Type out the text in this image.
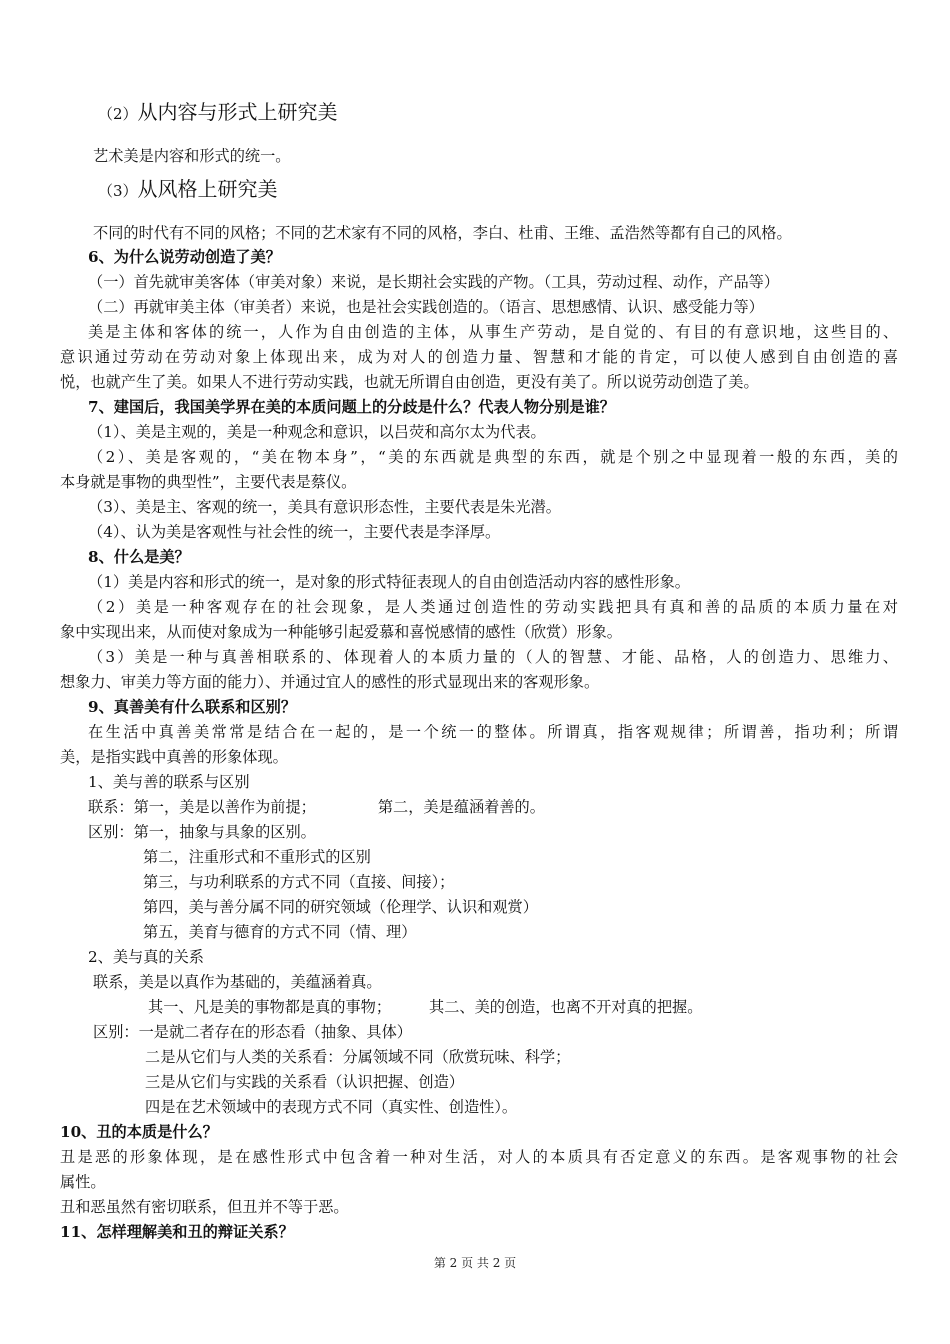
（2）从内容与形式上研究美
艺术美是内容和形式的统一。
（3）从风格上研究美
不同的时代有不同的风格；不同的艺术家有不同的风格，李白、杜甫、王维、孟浩然等都有自己的风格。
6、为什么说劳动创造了美？
（一）首先就审美客体（审美对象）来说，是长期社会实践的产物。（工具，劳动过程、动作，产品等）
（二）再就审美主体（审美者）来说，也是社会实践创造的。（语言、思想感情、认识、感受能力等）
美是主体和客体的统一，人作为自由创造的主体，从事生产劳动，是自觉的、有目的有意识地，这些目的、
意识通过劳动在劳动对象上体现出来，成为对人的创造力量、智慧和才能的肯定，可以使人感到自由创造的喜
悦，也就产生了美。如果人不进行劳动实践，也就无所谓自由创造，更没有美了。所以说劳动创造了美。
7、建国后，我国美学界在美的本质问题上的分歧是什么？代表人物分别是谁？
（1）、美是主观的，美是一种观念和意识，以吕荧和高尔太为代表。
（2）、美是客观的，“美在物本身”，“美的东西就是典型的东西，就是个别之中显现着一般的东西，美的
本身就是事物的典型性”，主要代表是蔡仪。
（3）、美是主、客观的统一，美具有意识形态性，主要代表是朱光潜。
（4）、认为美是客观性与社会性的统一，主要代表是李泽厚。
8、什么是美？
（1）美是内容和形式的统一，是对象的形式特征表现人的自由创造活动内容的感性形象。
（2）美是一种客观存在的社会现象，是人类通过创造性的劳动实践把具有真和善的品质的本质力量在对
象中实现出来，从而使对象成为一种能够引起爱慕和喜悦感情的感性（欣赏）形象。
（3）美是一种与真善相联系的、体现着人的本质力量的（人的智慧、才能、品格，人的创造力、思维力、
想象力、审美力等方面的能力）、并通过宜人的感性的形式显现出来的客观形象。
9、真善美有什么联系和区别？
在生活中真善美常常是结合在一起的，是一个统一的整体。所谓真，指客观规律；所谓善，指功利；所谓
美，是指实践中真善的形象体现。
1、美与善的联系与区别
联系：第一，美是以善作为前提；	第二，美是蕴涵着善的。
区别：第一，抽象与具象的区别。
第二，注重形式和不重形式的区别
第三，与功利联系的方式不同（直接、间接）；
第四，美与善分属不同的研究领域（伦理学、认识和观赏）
第五，美育与德育的方式不同（情、理）
2、美与真的关系
联系，美是以真作为基础的，美蕴涵着真。
其一、凡是美的事物都是真的事物；	其二、美的创造，也离不开对真的把握。
区别：一是就二者存在的形态看（抽象、具体）
二是从它们与人类的关系看：分属领域不同（欣赏玩味、科学；
三是从它们与实践的关系看（认识把握、创造）
四是在艺术领域中的表现方式不同（真实性、创造性）。
10、丑的本质是什么？
丑是恶的形象体现，是在感性形式中包含着一种对生活，对人的本质具有否定意义的东西。是客观事物的社会
属性。
丑和恶虽然有密切联系，但丑并不等于恶。
11、怎样理解美和丑的辩证关系？
第 2 页 共 2 页
